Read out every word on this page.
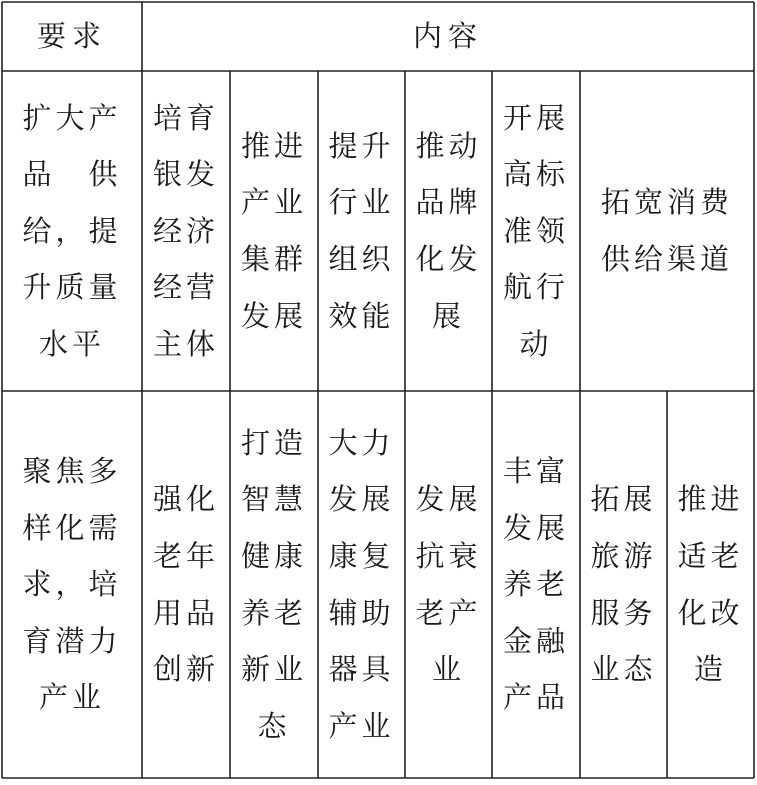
要求	内容
扩大产
品　供
给，提
升质量
水平
培育
银发
经济
经营
主体
推进
产业
集群
发展
提升
行业
组织
效能
推动
品牌
化发
展
开展
高标
准领
航行
动
拓宽消费
供给渠道
聚焦多
样化需
求，培
育潜力
产业
强化
老年
用品
创新
打造
智慧
健康
养老
新业
态
大力
发展
康复
辅助
器具
产业
发展
抗衰
老产
业
丰富
发展
养老
金融
产品
拓展
旅游
服务
业态
推进
适老
化改
造
